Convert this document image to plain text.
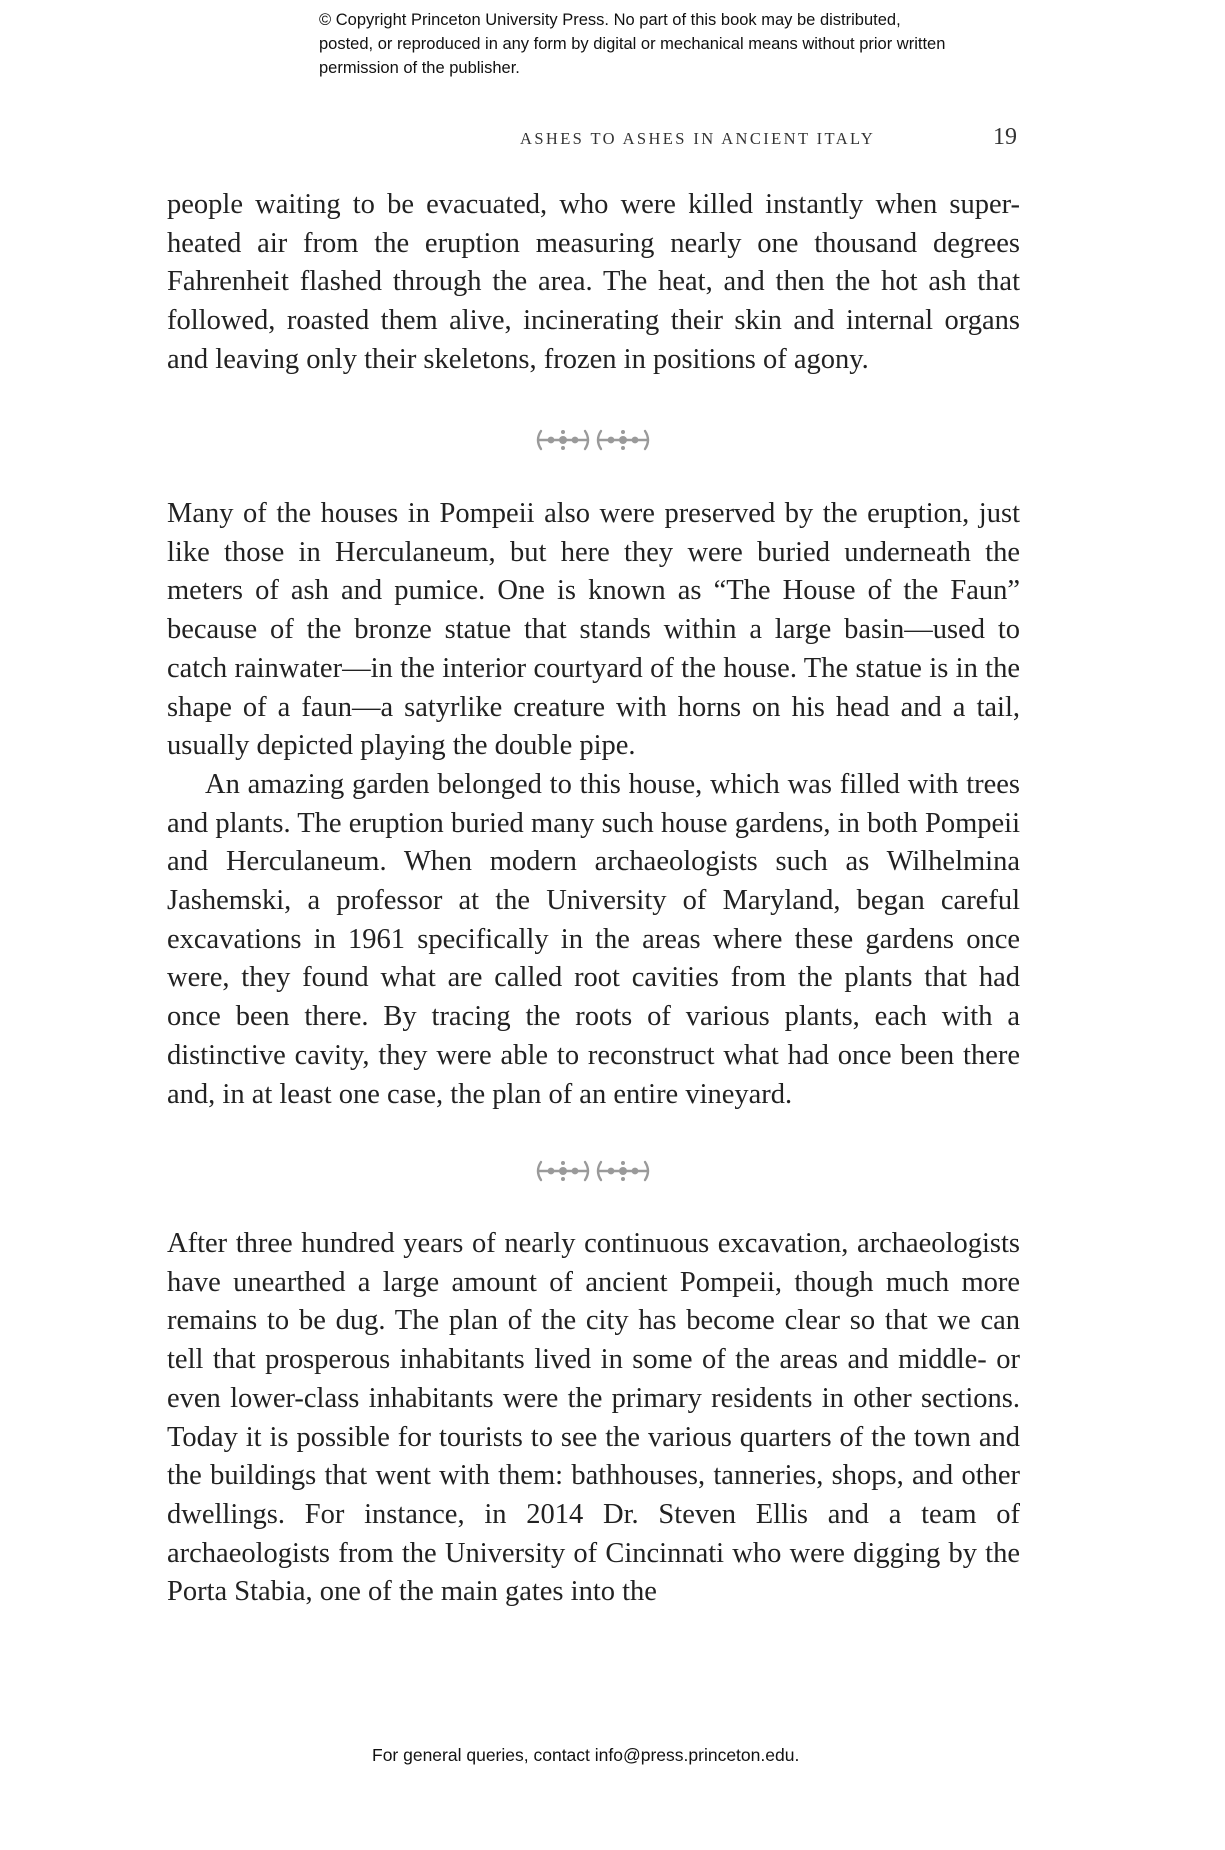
© Copyright Princeton University Press. No part of this book may be distributed, posted, or reproduced in any form by digital or mechanical means without prior written permission of the publisher.
ASHES TO ASHES IN ANCIENT ITALY	19

people waiting to be evacuated, who were killed instantly when super-heated air from the eruption measuring nearly one thousand degrees Fahrenheit flashed through the area. The heat, and then the hot ash that followed, roasted them alive, incinerating their skin and internal organs and leaving only their skeletons, frozen in positions of agony.

Many of the houses in Pompeii also were preserved by the eruption, just like those in Herculaneum, but here they were buried underneath the meters of ash and pumice. One is known as “The House of the Faun” because of the bronze statue that stands within a large basin—used to catch rainwater—in the interior courtyard of the house. The statue is in the shape of a faun—a satyrlike creature with horns on his head and a tail, usually depicted playing the double pipe.

An amazing garden belonged to this house, which was filled with trees and plants. The eruption buried many such house gardens, in both Pompeii and Herculaneum. When modern archaeologists such as Wilhelmina Jashemski, a professor at the University of Maryland, began careful excavations in 1961 specifically in the areas where these gardens once were, they found what are called root cavities from the plants that had once been there. By tracing the roots of various plants, each with a distinctive cavity, they were able to reconstruct what had once been there and, in at least one case, the plan of an entire vineyard.

After three hundred years of nearly continuous excavation, archaeologists have unearthed a large amount of ancient Pompeii, though much more remains to be dug. The plan of the city has become clear so that we can tell that prosperous inhabitants lived in some of the areas and middle- or even lower-class inhabitants were the primary residents in other sections. Today it is possible for tourists to see the various quarters of the town and the buildings that went with them: bathhouses, tanneries, shops, and other dwellings. For instance, in 2014 Dr. Steven Ellis and a team of archaeologists from the University of Cincinnati who were digging by the Porta Stabia, one of the main gates into the

For general queries, contact info@press.princeton.edu.
